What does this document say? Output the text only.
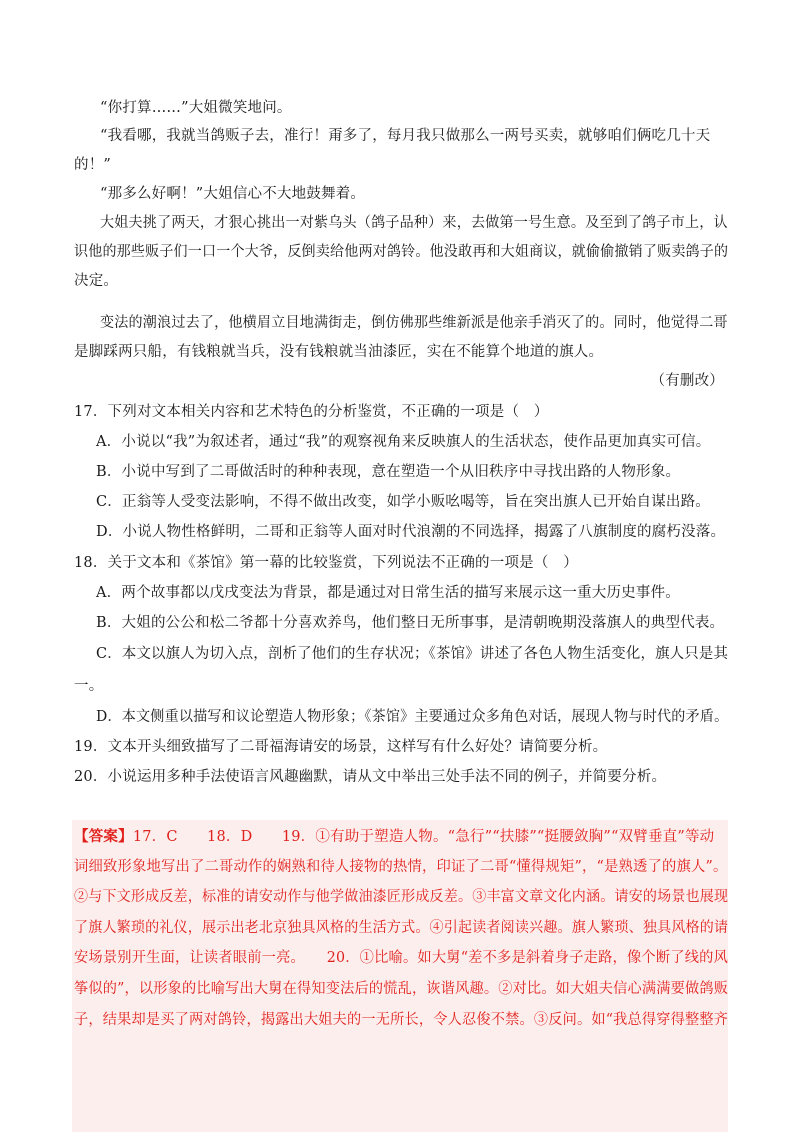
“你打算……”大姐微笑地问。
“我看哪，我就当鸽贩子去，准行！甭多了，每月我只做那么一两号买卖，就够咱们俩吃几十天
的！”
“那多么好啊！”大姐信心不大地鼓舞着。
大姐夫挑了两天，才狠心挑出一对紫乌头（鸽子品种）来，去做第一号生意。及至到了鸽子市上，认
识他的那些贩子们一口一个大爷，反倒卖给他两对鸽铃。他没敢再和大姐商议，就偷偷撤销了贩卖鸽子的
决定。
变法的潮浪过去了，他横眉立目地满街走，倒仿佛那些维新派是他亲手消灭了的。同时，他觉得二哥
是脚踩两只船，有钱粮就当兵，没有钱粮就当油漆匠，实在不能算个地道的旗人。
（有删改）
17．下列对文本相关内容和艺术特色的分析鉴赏，不正确的一项是（　）
A．小说以“我”为叙述者，通过“我”的观察视角来反映旗人的生活状态，使作品更加真实可信。
B．小说中写到了二哥做活时的种种表现，意在塑造一个从旧秩序中寻找出路的人物形象。
C．正翁等人受变法影响，不得不做出改变，如学小贩吆喝等，旨在突出旗人已开始自谋出路。
D．小说人物性格鲜明，二哥和正翁等人面对时代浪潮的不同选择，揭露了八旗制度的腐朽没落。
18．关于文本和《茶馆》第一幕的比较鉴赏，下列说法不正确的一项是（　）
A．两个故事都以戊戌变法为背景，都是通过对日常生活的描写来展示这一重大历史事件。
B．大姐的公公和松二爷都十分喜欢养鸟，他们整日无所事事，是清朝晚期没落旗人的典型代表。
C．本文以旗人为切入点，剖析了他们的生存状况；《茶馆》讲述了各色人物生活变化，旗人只是其
一。
D．本文侧重以描写和议论塑造人物形象；《茶馆》主要通过众多角色对话，展现人物与时代的矛盾。
19．文本开头细致描写了二哥福海请安的场景，这样写有什么好处？请简要分析。
20．小说运用多种手法使语言风趣幽默，请从文中举出三处手法不同的例子，并简要分析。
【答案】17．C　　18．D　　19．①有助于塑造人物。“急行”“扶膝”“挺腰敛胸”“双臂垂直”等动
词细致形象地写出了二哥动作的娴熟和待人接物的热情，印证了二哥“懂得规矩”，“是熟透了的旗人”。
②与下文形成反差，标准的请安动作与他学做油漆匠形成反差。③丰富文章文化内涵。请安的场景也展现
了旗人繁琐的礼仪，展示出老北京独具风格的生活方式。④引起读者阅读兴趣。旗人繁琐、独具风格的请
安场景别开生面，让读者眼前一亮。　　20．①比喻。如大舅“差不多是斜着身子走路，像个断了线的风
筝似的”，以形象的比喻写出大舅在得知变法后的慌乱，诙谐风趣。②对比。如大姐夫信心满满要做鸽贩
子，结果却是买了两对鸽铃，揭露出大姐夫的一无所长，令人忍俊不禁。③反问。如“我总得穿得整整齐
